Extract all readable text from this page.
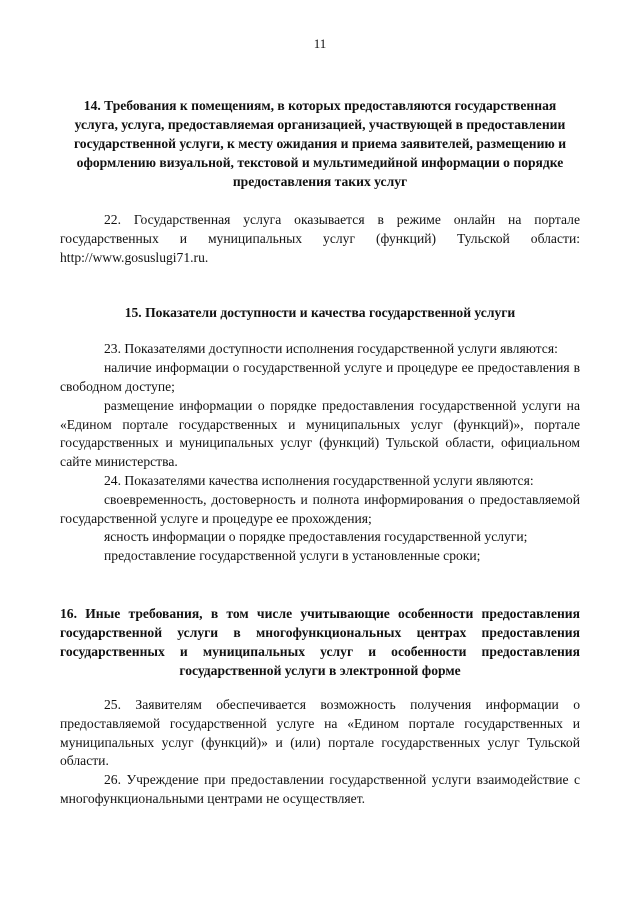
11
14. Требования к помещениям, в которых предоставляются государственная услуга, услуга, предоставляемая организацией, участвующей в предоставлении государственной услуги, к месту ожидания и приема заявителей, размещению и оформлению визуальной, текстовой и мультимедийной информации о порядке предоставления таких услуг

22. Государственная услуга оказывается в режиме онлайн на портале государственных и муниципальных услуг (функций) Тульской области: http://www.gosuslugi71.ru.

15. Показатели доступности и качества государственной услуги

23. Показателями доступности исполнения государственной услуги являются:

наличие информации о государственной услуге и процедуре ее предоставления в свободном доступе;

размещение информации о порядке предоставления государственной услуги на «Едином портале государственных и муниципальных услуг (функций)», портале государственных и муниципальных услуг (функций) Тульской области, официальном сайте министерства.

24. Показателями качества исполнения государственной услуги являются:

своевременность, достоверность и полнота информирования о предоставляемой государственной услуге и процедуре ее прохождения;

ясность информации о порядке предоставления государственной услуги;

предоставление государственной услуги в установленные сроки;

16. Иные требования, в том числе учитывающие особенности предоставления государственной услуги в многофункциональных центрах предоставления государственных и муниципальных услуг и особенности предоставления государственной услуги в электронной форме

25. Заявителям обеспечивается возможность получения информации о предоставляемой государственной услуге на «Едином портале государственных и муниципальных услуг (функций)» и (или) портале государственных услуг Тульской области.

26. Учреждение при предоставлении государственной услуги взаимодействие с многофункциональными центрами не осуществляет.
